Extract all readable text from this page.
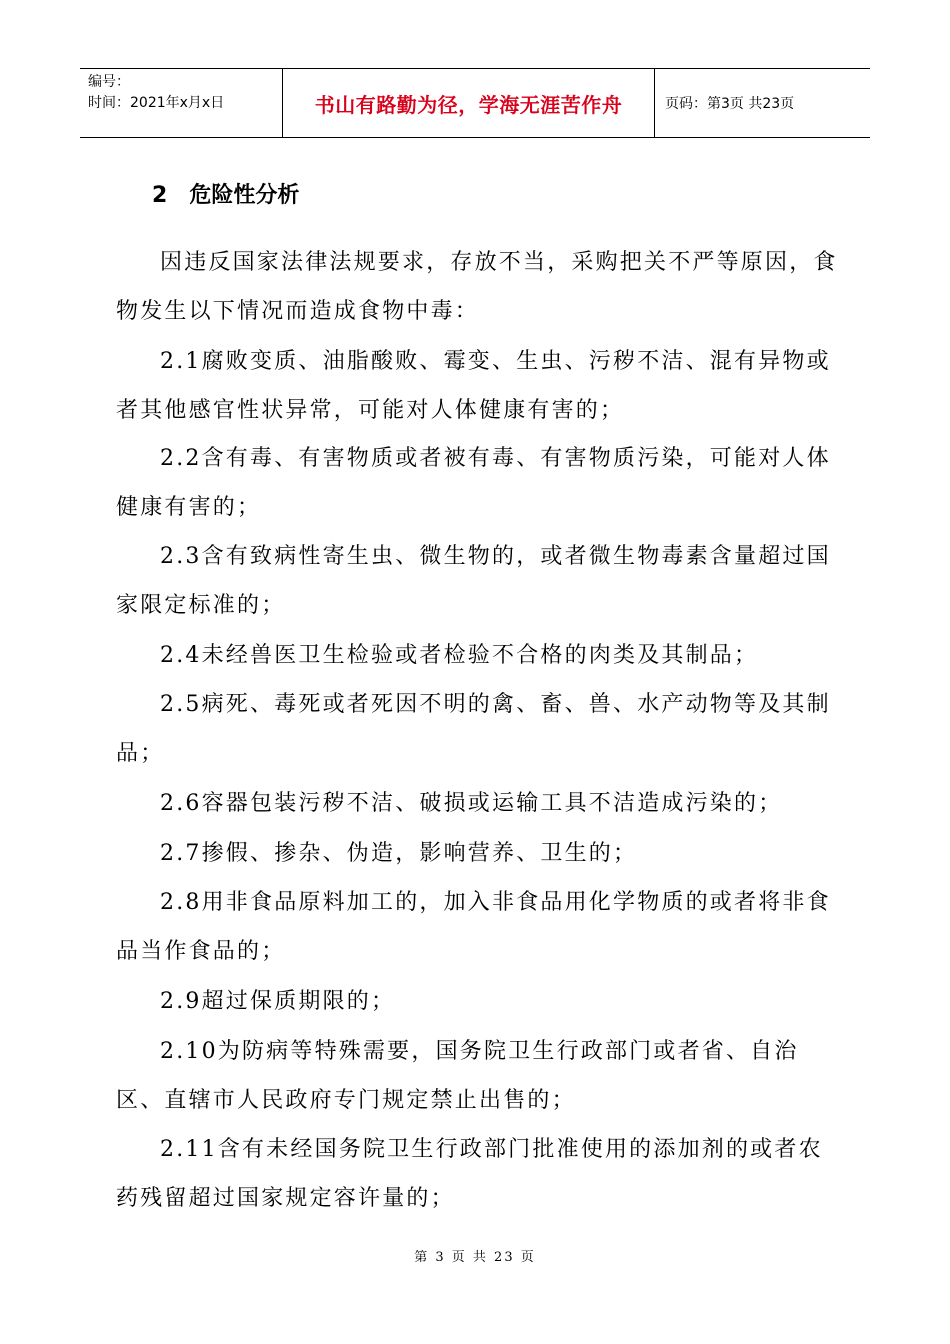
编号：
时间：2021年x月x日	书山有路勤为径，学海无涯苦作舟	页码：第3页 共23页
2 危险性分析

因违反国家法律法规要求，存放不当，采购把关不严等原因，食物发生以下情况而造成食物中毒：

2.1腐败变质、油脂酸败、霉变、生虫、污秽不洁、混有异物或者其他感官性状异常，可能对人体健康有害的；

2.2含有毒、有害物质或者被有毒、有害物质污染，可能对人体健康有害的；

2.3含有致病性寄生虫、微生物的，或者微生物毒素含量超过国家限定标准的；

2.4未经兽医卫生检验或者检验不合格的肉类及其制品；

2.5病死、毒死或者死因不明的禽、畜、兽、水产动物等及其制品；

2.6容器包装污秽不洁、破损或运输工具不洁造成污染的；

2.7掺假、掺杂、伪造，影响营养、卫生的；

2.8用非食品原料加工的，加入非食品用化学物质的或者将非食品当作食品的；

2.9超过保质期限的；

2.10为防病等特殊需要，国务院卫生行政部门或者省、自治区、直辖市人民政府专门规定禁止出售的；

2.11含有未经国务院卫生行政部门批准使用的添加剂的或者农药残留超过国家规定容许量的；

第 3 页 共 23 页
